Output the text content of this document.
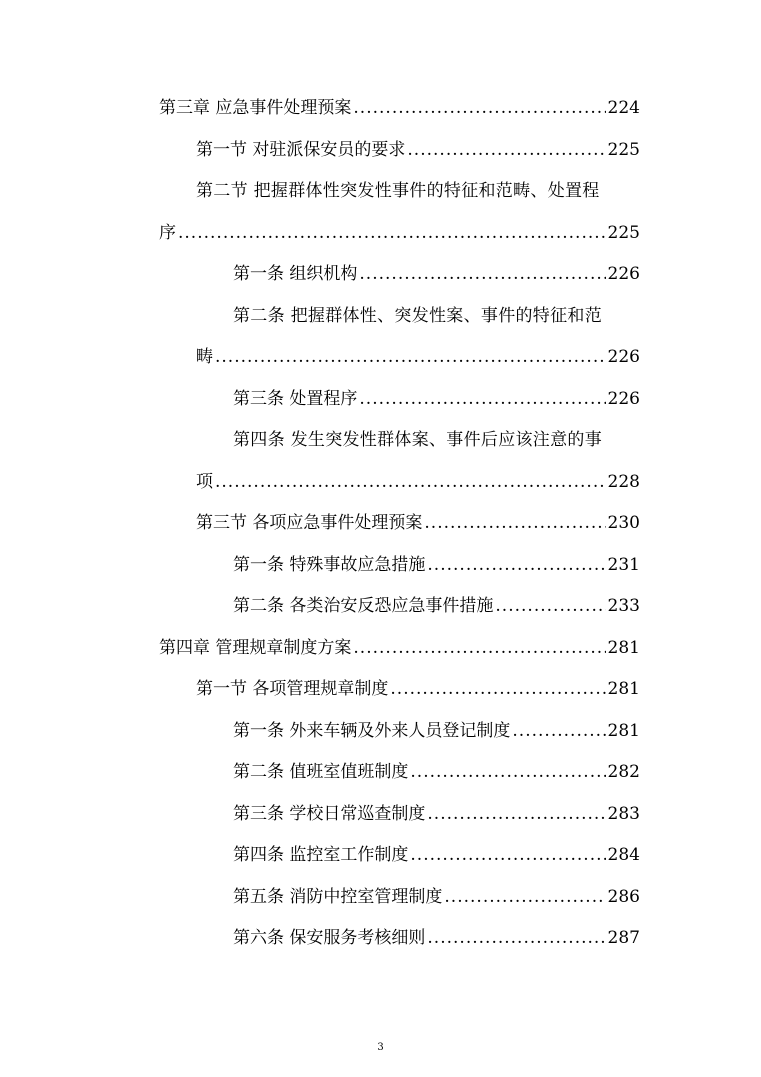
第三章 应急事件处理预案 .....	224
第一节 对驻派保安员的要求 .....	225
第二节 把握群体性突发性事件的特征和范畴、处置程
序 .....	225
第一条 组织机构 .....	226
第二条 把握群体性、突发性案、事件的特征和范
畴 .....	226
第三条 处置程序 .....	226
第四条 发生突发性群体案、事件后应该注意的事
项 .....	228
第三节 各项应急事件处理预案 .....	230
第一条 特殊事故应急措施 .....	231
第二条 各类治安反恐应急事件措施 .....	233
第四章 管理规章制度方案 .....	281
第一节 各项管理规章制度 .....	281
第一条 外来车辆及外来人员登记制度 .....	281
第二条 值班室值班制度 .....	282
第三条 学校日常巡查制度 .....	283
第四条 监控室工作制度 .....	284
第五条 消防中控室管理制度 .....	286
第六条 保安服务考核细则 .....	287
3
